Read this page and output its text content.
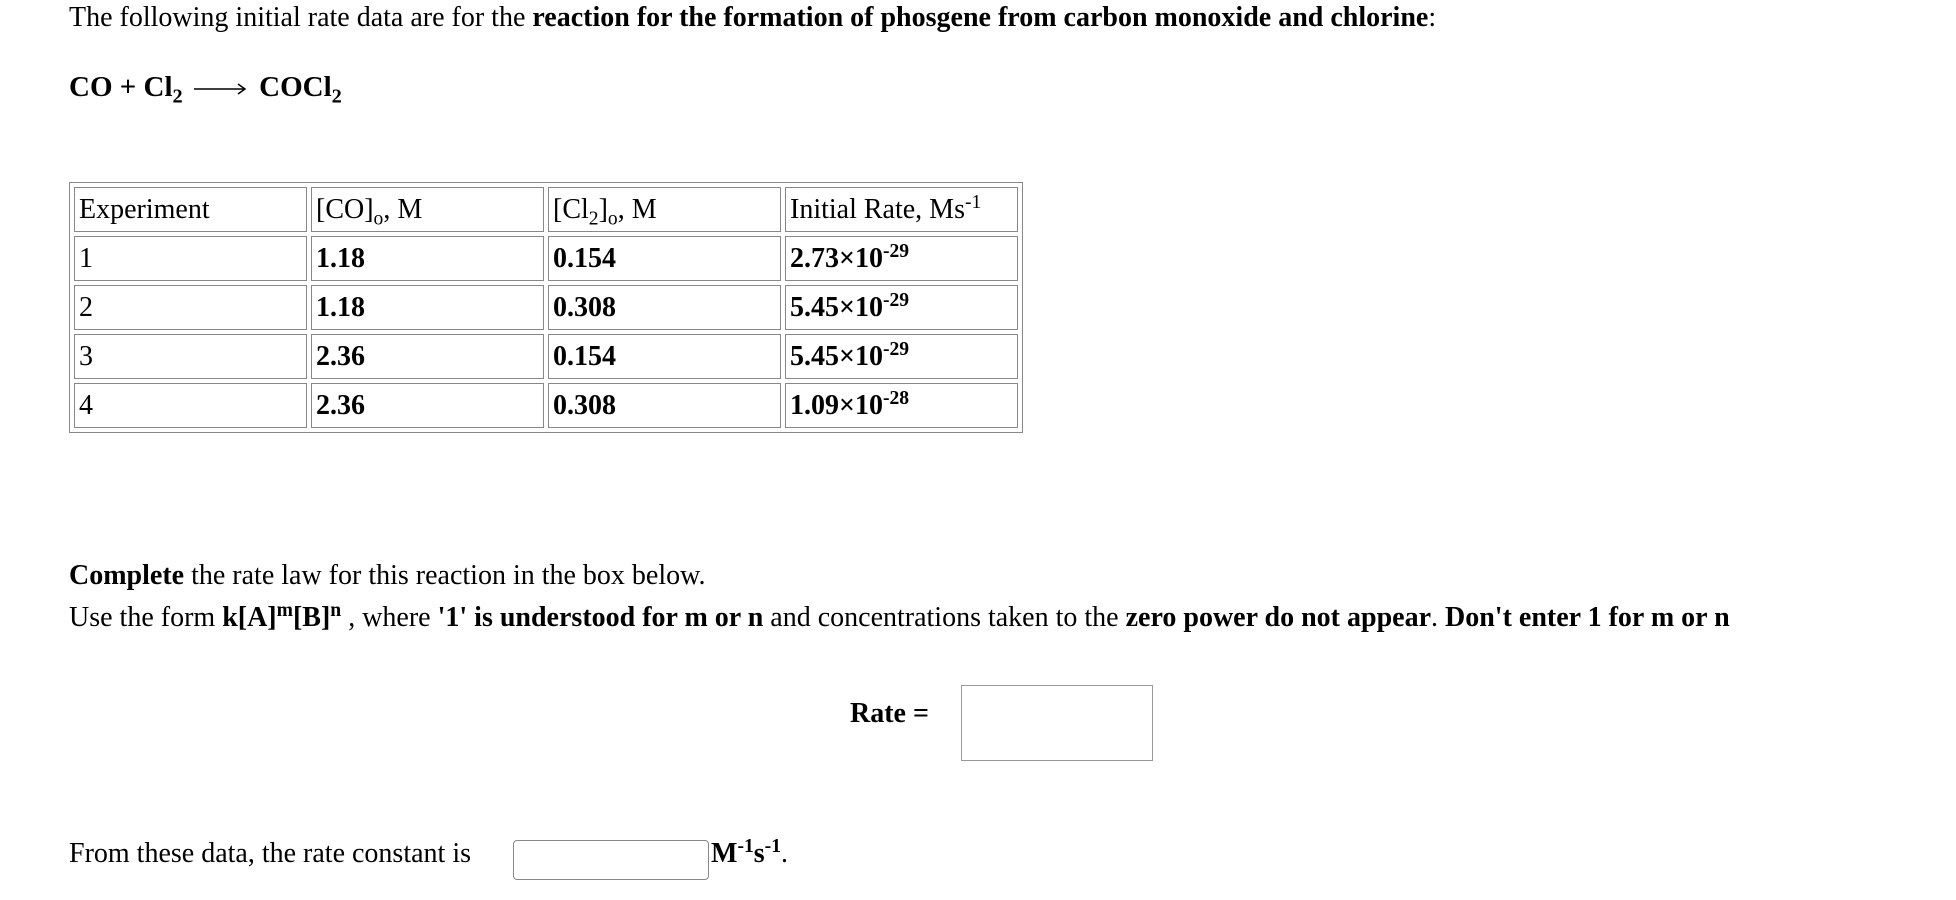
The following initial rate data are for the reaction for the formation of phosgene from carbon monoxide and chlorine:
CO + $Cl_2$ → COCl$_2$
Experiment	$[CO]_o$, M	$[Cl_2]_o$, M	Initial Rate, $Ms^{-1}$
1	1.18	0.154	$2.73\times 10^{-29}$
2	1.18	0.308	$5.45\times 10^{-29}$
3	2.36	0.154	$5.45\times 10^{-29}$
4	2.36	0.308	$1.09\times 10^{-28}$
Complete the rate law for this reaction in the box below.
Use the form $k[A]^m[B]^n$ , where '1' is understood for m or n and concentrations taken to the zero power do not appear. Don't enter 1 for m or n
Rate =
From these data, the rate constant is	$M^{-1}s^{-1}$.
